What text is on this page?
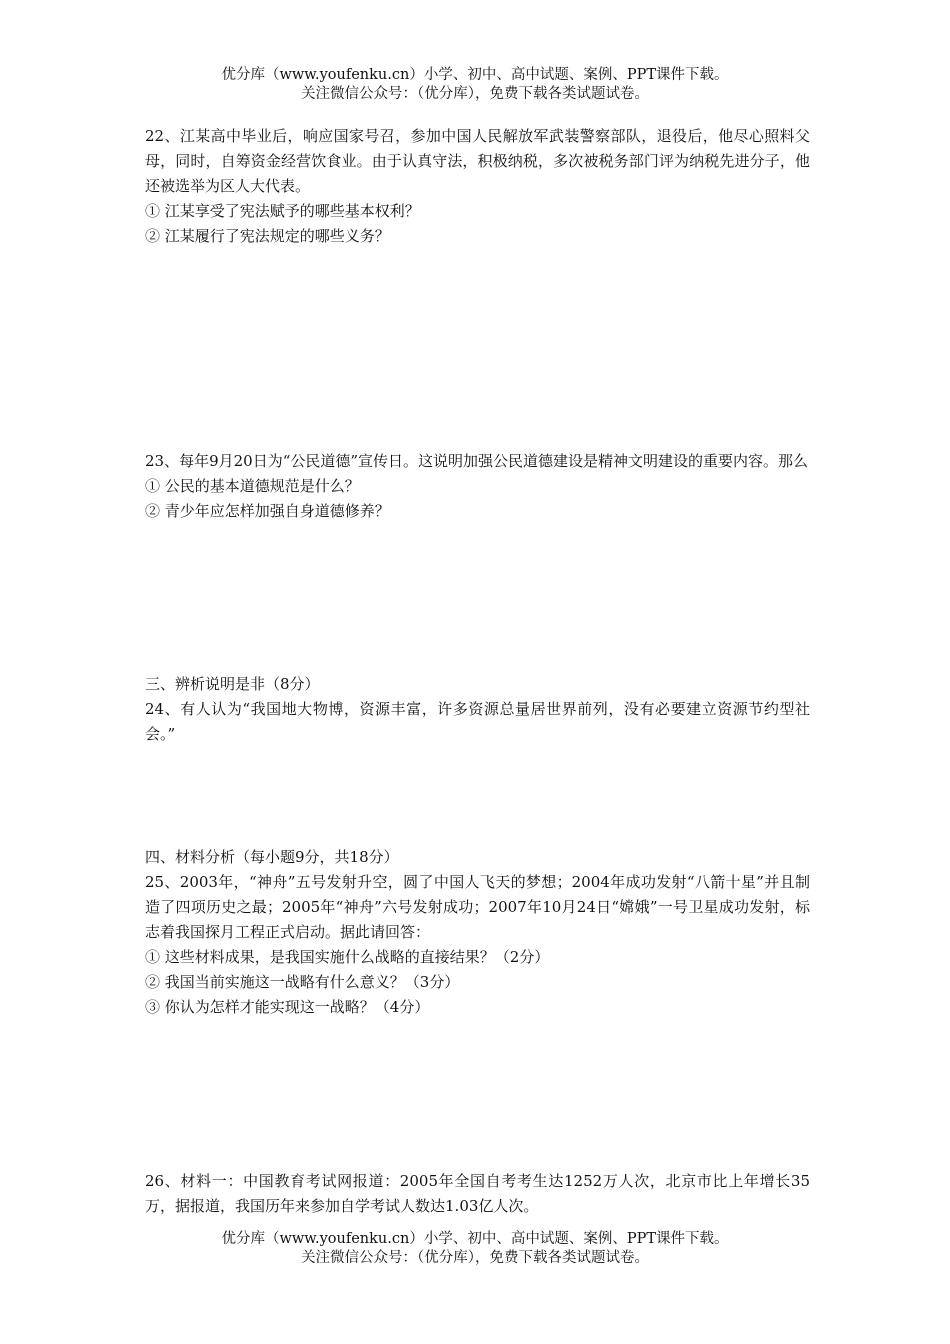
优分库（www.youfenku.cn）小学、初中、高中试题、案例、PPT课件下载。
关注微信公众号：（优分库），免费下载各类试题试卷。

22、江某高中毕业后，响应国家号召，参加中国人民解放军武装警察部队，退役后，他尽心照料父母，同时，自筹资金经营饮食业。由于认真守法，积极纳税，多次被税务部门评为纳税先进分子，他还被选举为区人大代表。

① 江某享受了宪法赋予的哪些基本权利？

② 江某履行了宪法规定的哪些义务？

23、每年9月20日为“公民道德”宣传日。这说明加强公民道德建设是精神文明建设的重要内容。那么

① 公民的基本道德规范是什么？

② 青少年应怎样加强自身道德修养？

三、辨析说明是非（8分）

24、有人认为“我国地大物博，资源丰富，许多资源总量居世界前列，没有必要建立资源节约型社会。”

四、材料分析（每小题9分，共18分）

25、2003年，“神舟”五号发射升空，圆了中国人飞天的梦想；2004年成功发射“八箭十星”并且制造了四项历史之最；2005年“神舟”六号发射成功；2007年10月24日“嫦娥”一号卫星成功发射，标志着我国探月工程正式启动。据此请回答：

① 这些材料成果，是我国实施什么战略的直接结果？（2分）

② 我国当前实施这一战略有什么意义？（3分）

③ 你认为怎样才能实现这一战略？（4分）

26、材料一：中国教育考试网报道：2005年全国自考考生达1252万人次，北京市比上年增长35万，据报道，我国历年来参加自学考试人数达1.03亿人次。

优分库（www.youfenku.cn）小学、初中、高中试题、案例、PPT课件下载。
关注微信公众号：（优分库），免费下载各类试题试卷。
